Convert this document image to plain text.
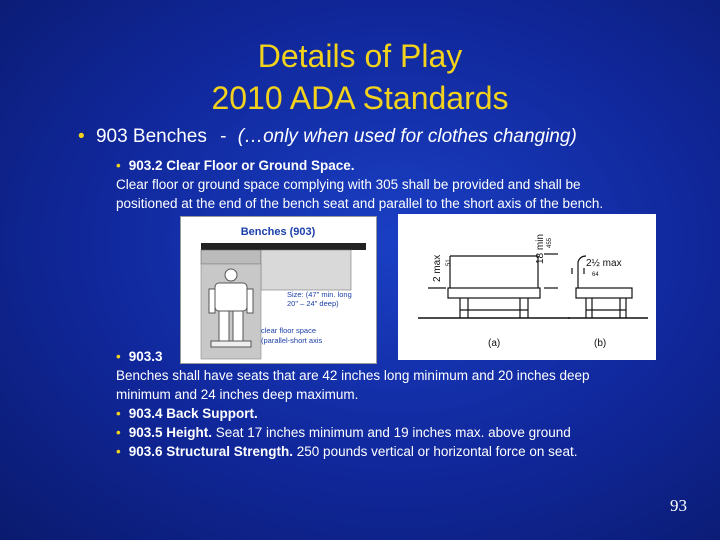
Details of Play
2010 ADA Standards
• 903 Benches - (…only when used for clothes changing)
• 903.2 Clear Floor or Ground Space.
Clear floor or ground space complying with 305 shall be provided and shall be
positioned at the end of the bench seat and parallel to the short axis of the bench.
Benches (903)
Size: (47" min. long
20" – 24" deep)
clear floor space
(parallel-short axis
2 max 51	18 min 455
(a)
2½ max
64
(b)
• 903.3
Benches shall have seats that are 42 inches long minimum and 20 inches deep
minimum and 24 inches deep maximum.
• 903.4 Back Support.
• 903.5 Height. Seat 17 inches minimum and 19 inches max. above ground
• 903.6 Structural Strength. 250 pounds vertical or horizontal force on seat.
93
